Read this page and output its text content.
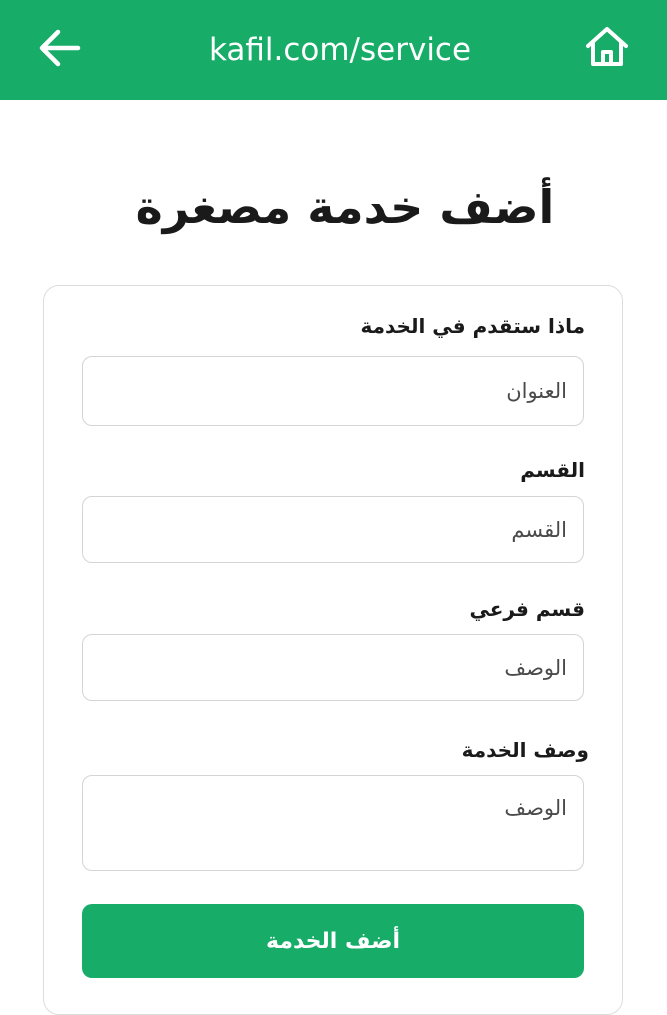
kafil.com/service
أضف خدمة مصغرة
ماذا ستقدم في الخدمة
العنوان
القسم
القسم
قسم فرعي
الوصف
وصف الخدمة
الوصف
أضف الخدمة
